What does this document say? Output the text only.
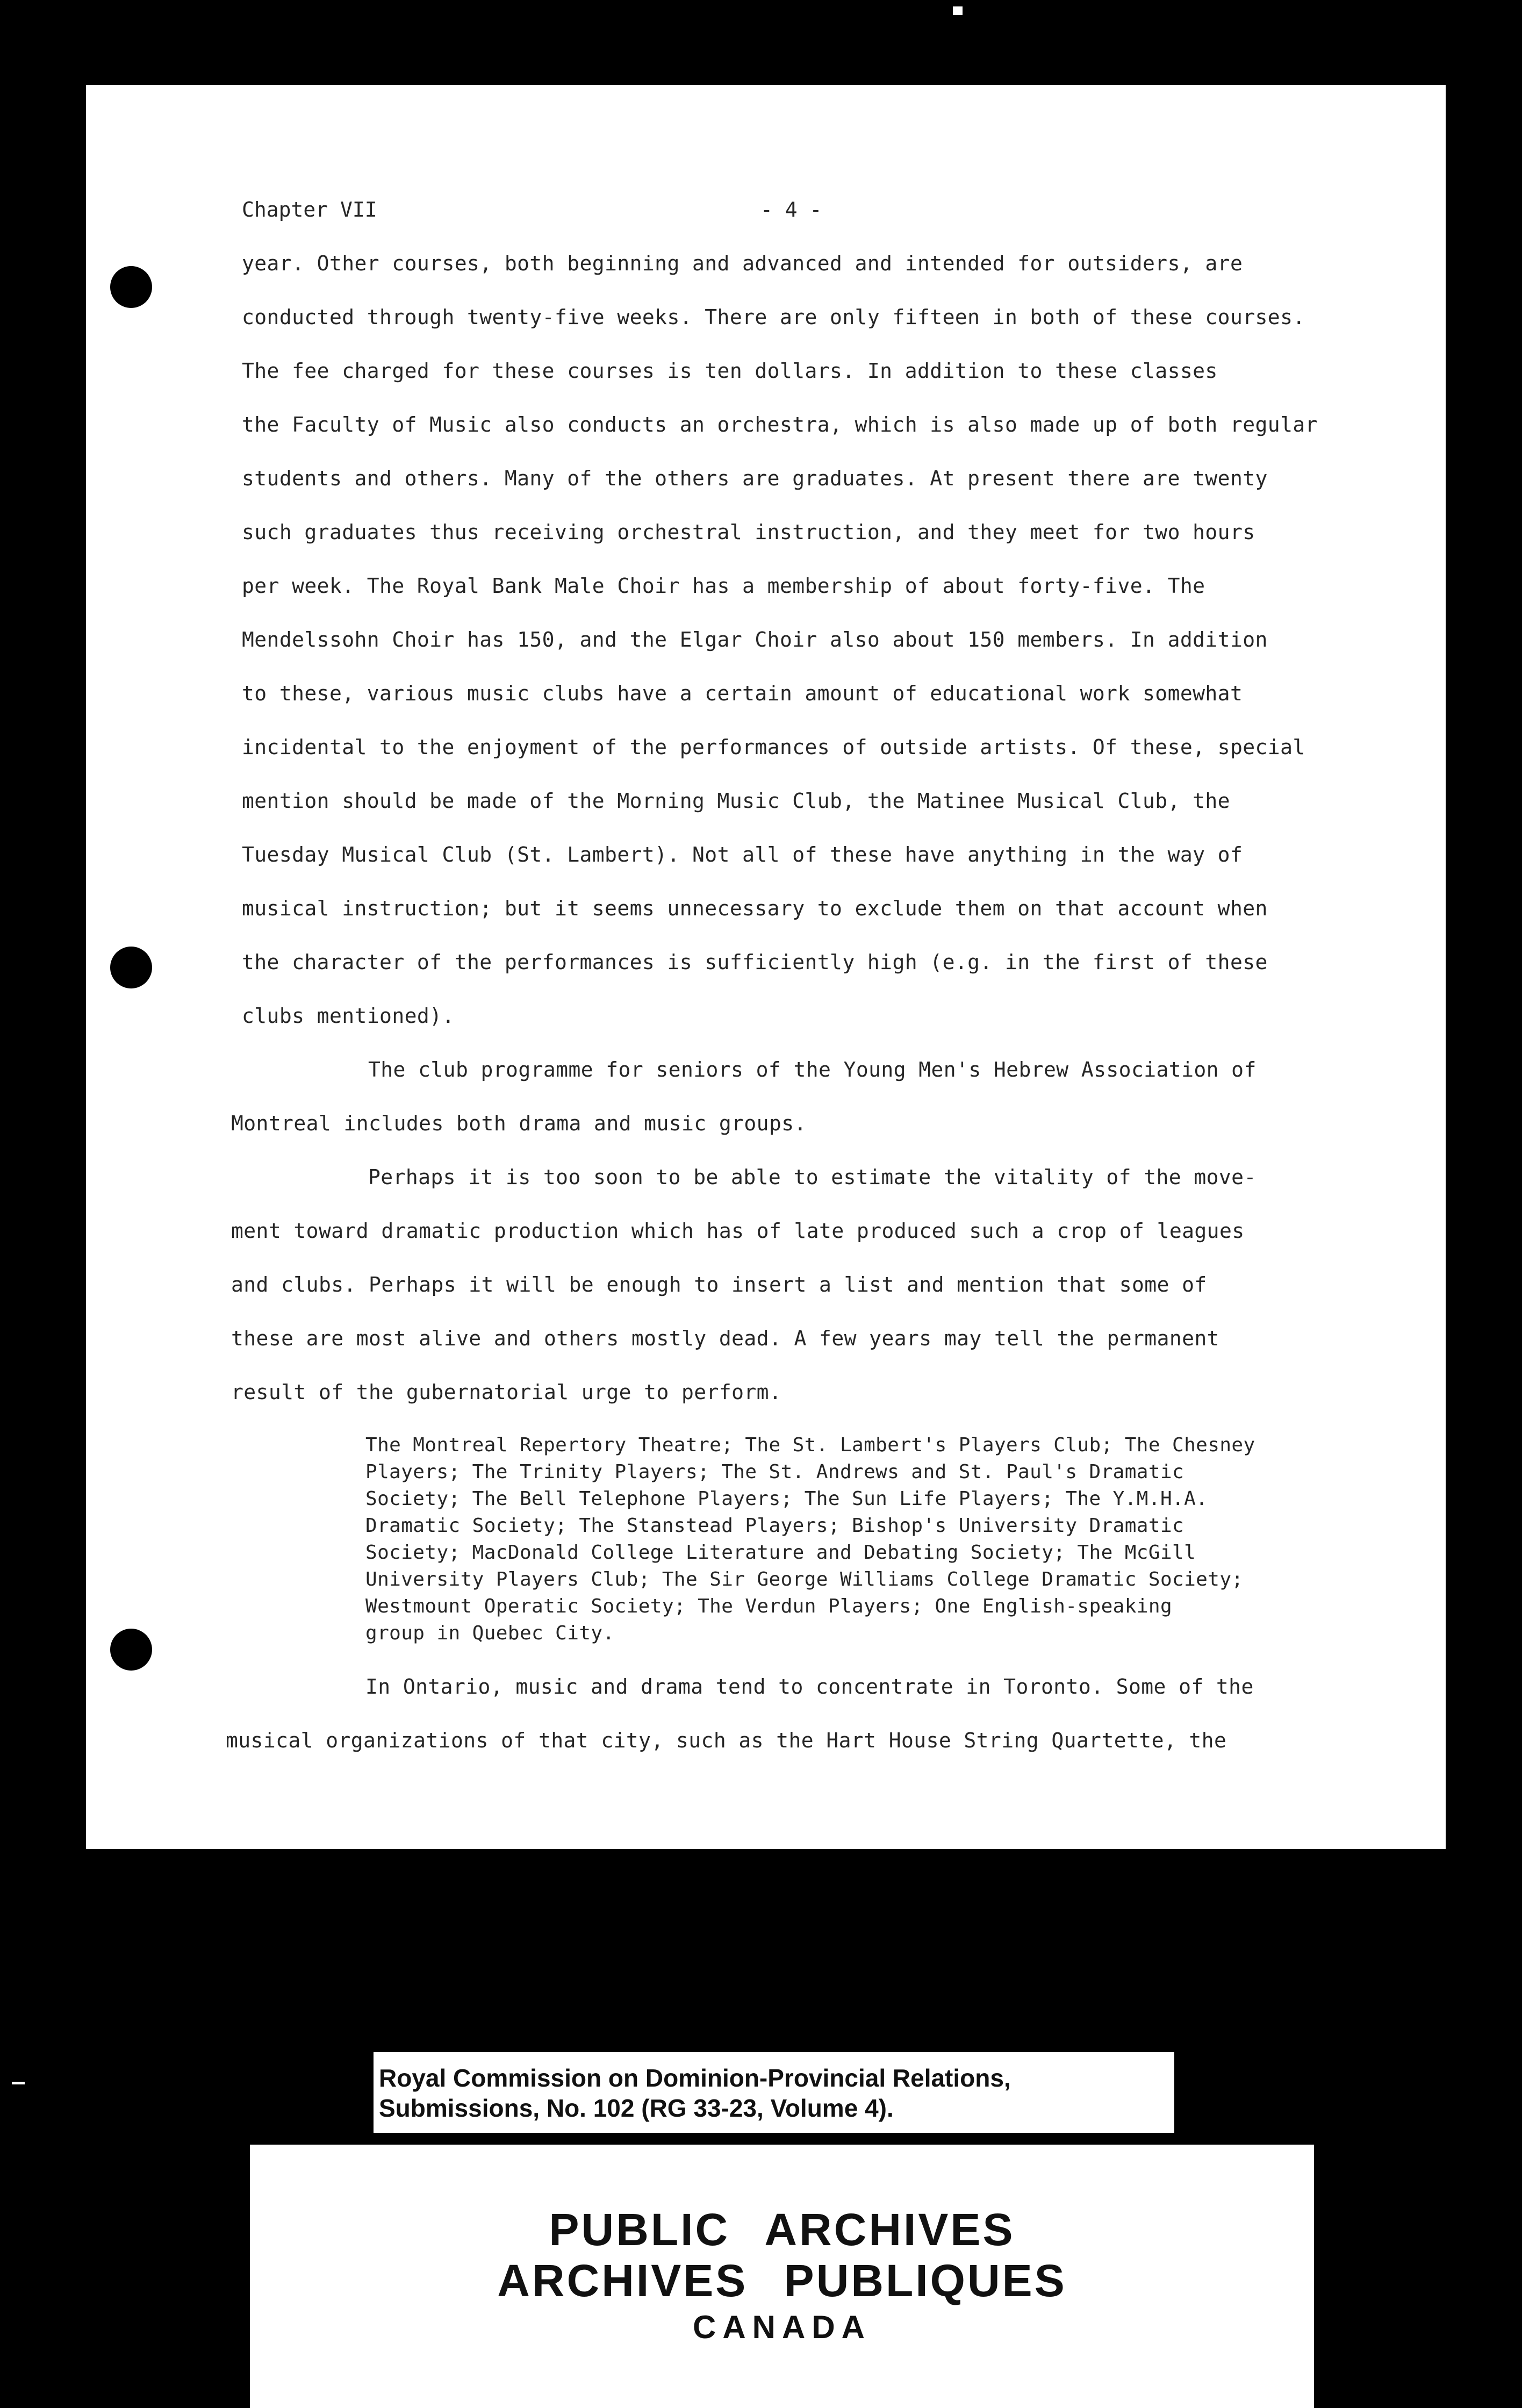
Chapter VII	- 4 -
year. Other courses, both beginning and advanced and intended for outsiders, are
conducted through twenty-five weeks. There are only fifteen in both of these courses.
The fee charged for these courses is ten dollars. In addition to these classes
the Faculty of Music also conducts an orchestra, which is also made up of both regular
students and others. Many of the others are graduates. At present there are twenty
such graduates thus receiving orchestral instruction, and they meet for two hours
per week. The Royal Bank Male Choir has a membership of about forty-five. The
Mendelssohn Choir has 150, and the Elgar Choir also about 150 members. In addition
to these, various music clubs have a certain amount of educational work somewhat
incidental to the enjoyment of the performances of outside artists. Of these, special
mention should be made of the Morning Music Club, the Matinee Musical Club, the
Tuesday Musical Club (St. Lambert). Not all of these have anything in the way of
musical instruction; but it seems unnecessary to exclude them on that account when
the character of the performances is sufficiently high (e.g. in the first of these
clubs mentioned).
The club programme for seniors of the Young Men's Hebrew Association of
Montreal includes both drama and music groups.
Perhaps it is too soon to be able to estimate the vitality of the move-
ment toward dramatic production which has of late produced such a crop of leagues
and clubs. Perhaps it will be enough to insert a list and mention that some of
these are most alive and others mostly dead. A few years may tell the permanent
result of the gubernatorial urge to perform.
The Montreal Repertory Theatre; The St. Lambert's Players Club; The Chesney
Players; The Trinity Players; The St. Andrews and St. Paul's Dramatic
Society; The Bell Telephone Players; The Sun Life Players; The Y.M.H.A.
Dramatic Society; The Stanstead Players; Bishop's University Dramatic
Society; MacDonald College Literature and Debating Society; The McGill
University Players Club; The Sir George Williams College Dramatic Society;
Westmount Operatic Society; The Verdun Players; One English-speaking
group in Quebec City.
In Ontario, music and drama tend to concentrate in Toronto. Some of the
musical organizations of that city, such as the Hart House String Quartette, the
Royal Commission on Dominion-Provincial Relations,
Submissions, No. 102 (RG 33-23, Volume 4).
PUBLIC ARCHIVES
ARCHIVES PUBLIQUES
CANADA
